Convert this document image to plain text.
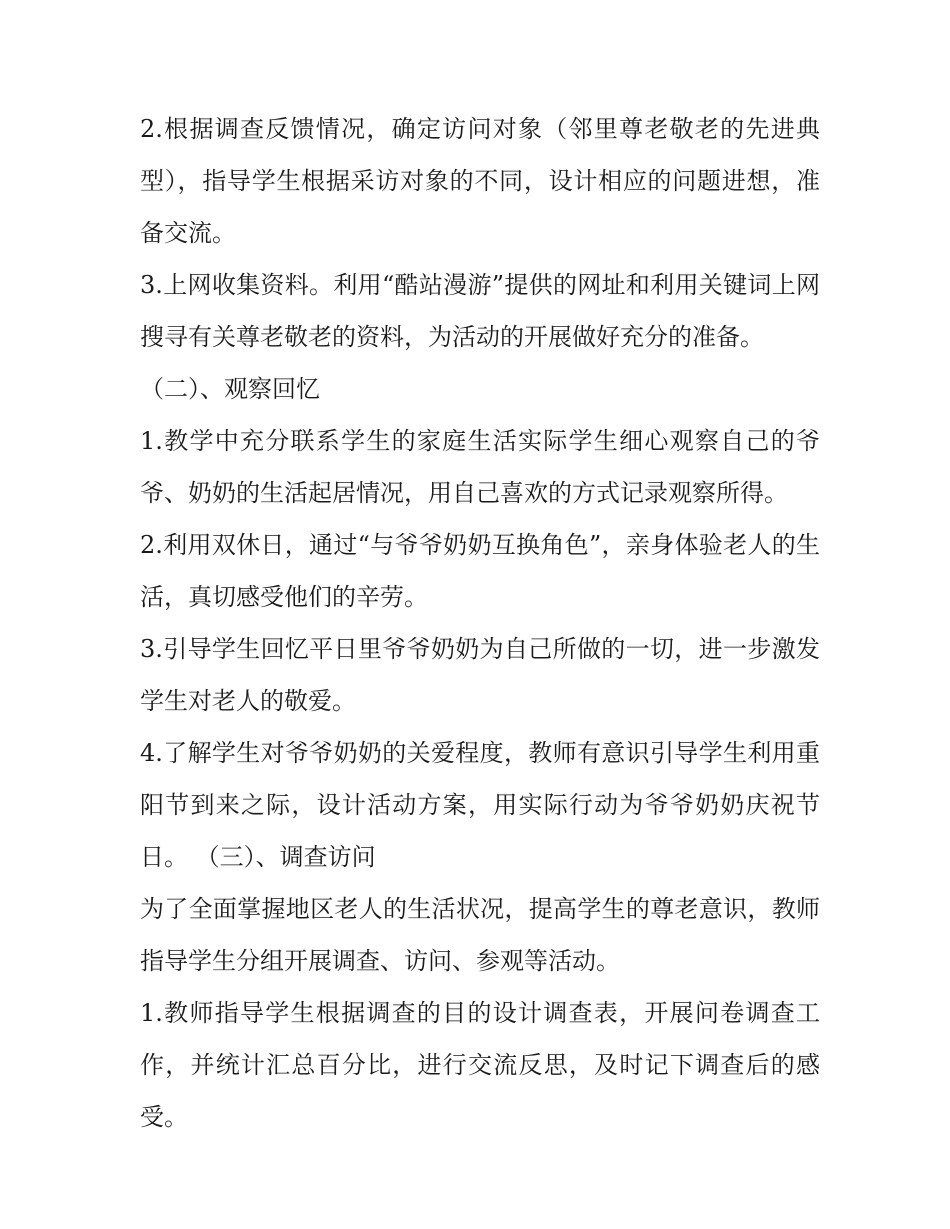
2.根据调查反馈情况，确定访问对象（邻里尊老敬老的先进典型），指导学生根据采访对象的不同，设计相应的问题进想，准备交流。

3.上网收集资料。利用“酷站漫游”提供的网址和利用关键词上网搜寻有关尊老敬老的资料，为活动的开展做好充分的准备。

（二）、观察回忆

1.教学中充分联系学生的家庭生活实际学生细心观察自己的爷爷、奶奶的生活起居情况，用自己喜欢的方式记录观察所得。

2.利用双休日，通过“与爷爷奶奶互换角色”，亲身体验老人的生活，真切感受他们的辛劳。

3.引导学生回忆平日里爷爷奶奶为自己所做的一切，进一步激发学生对老人的敬爱。

4.了解学生对爷爷奶奶的关爱程度，教师有意识引导学生利用重阳节到来之际，设计活动方案，用实际行动为爷爷奶奶庆祝节日。 （三）、调查访问

为了全面掌握地区老人的生活状况，提高学生的尊老意识，教师指导学生分组开展调查、访问、参观等活动。

1.教师指导学生根据调查的目的设计调查表，开展问卷调查工作，并统计汇总百分比，进行交流反思，及时记下调查后的感受。
